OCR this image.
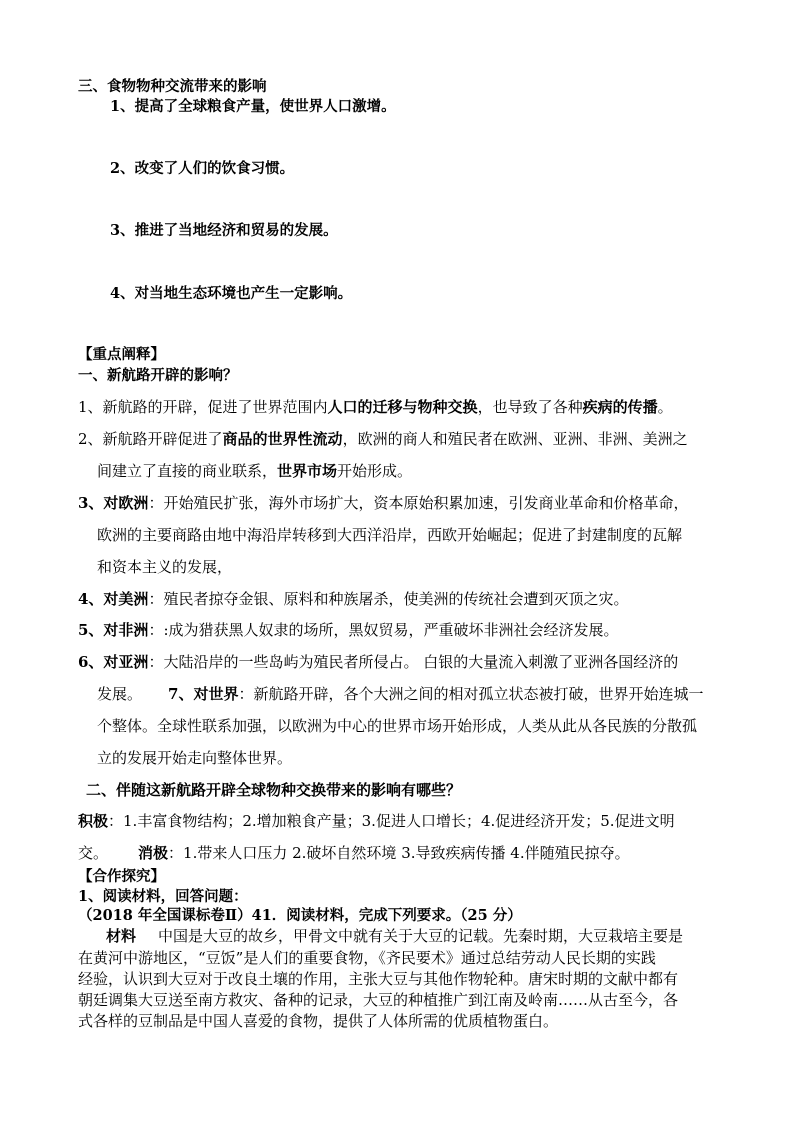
三、食物物种交流带来的影响
1、提高了全球粮食产量，使世界人口激增。
2、改变了人们的饮食习惯。
3、推进了当地经济和贸易的发展。
4、对当地生态环境也产生一定影响。
【重点阐释】
一、新航路开辟的影响？
1、新航路的开辟，促进了世界范围内人口的迁移与物种交换，也导致了各种疾病的传播。
2、新航路开辟促进了商品的世界性流动，欧洲的商人和殖民者在欧洲、亚洲、非洲、美洲之
间建立了直接的商业联系，世界市场开始形成。
3、对欧洲：开始殖民扩张，海外市场扩大，资本原始积累加速，引发商业革命和价格革命，
欧洲的主要商路由地中海沿岸转移到大西洋沿岸，西欧开始崛起；促进了封建制度的瓦解
和资本主义的发展，
4、对美洲：殖民者掠夺金银、原料和种族屠杀，使美洲的传统社会遭到灭顶之灾。
5、对非洲：:成为猎获黑人奴隶的场所，黑奴贸易，严重破坏非洲社会经济发展。
6、对亚洲：大陆沿岸的一些岛屿为殖民者所侵占。 白银的大量流入刺激了亚洲各国经济的
发展。 7、对世界：新航路开辟，各个大洲之间的相对孤立状态被打破，世界开始连城一
个整体。全球性联系加强，以欧洲为中心的世界市场开始形成，人类从此从各民族的分散孤
立的发展开始走向整体世界。
二、伴随这新航路开辟全球物种交换带来的影响有哪些？
积极：1.丰富食物结构；2.增加粮食产量；3.促进人口增长；4.促进经济开发；5.促进文明
交。 消极：1.带来人口压力 2.破坏自然环境 3.导致疾病传播 4.伴随殖民掠夺。
【合作探究】
1、阅读材料，回答问题：
（2018 年全国课标卷Ⅱ）41．阅读材料，完成下列要求。（25 分）
材料 中国是大豆的故乡，甲骨文中就有关于大豆的记载。先秦时期，大豆栽培主要是
在黄河中游地区，“豆饭”是人们的重要食物，《齐民要术》通过总结劳动人民长期的实践
经验，认识到大豆对于改良土壤的作用，主张大豆与其他作物轮种。唐宋时期的文献中都有
朝廷调集大豆送至南方救灾、备种的记录，大豆的种植推广到江南及岭南……从古至今，各
式各样的豆制品是中国人喜爱的食物，提供了人体所需的优质植物蛋白。
